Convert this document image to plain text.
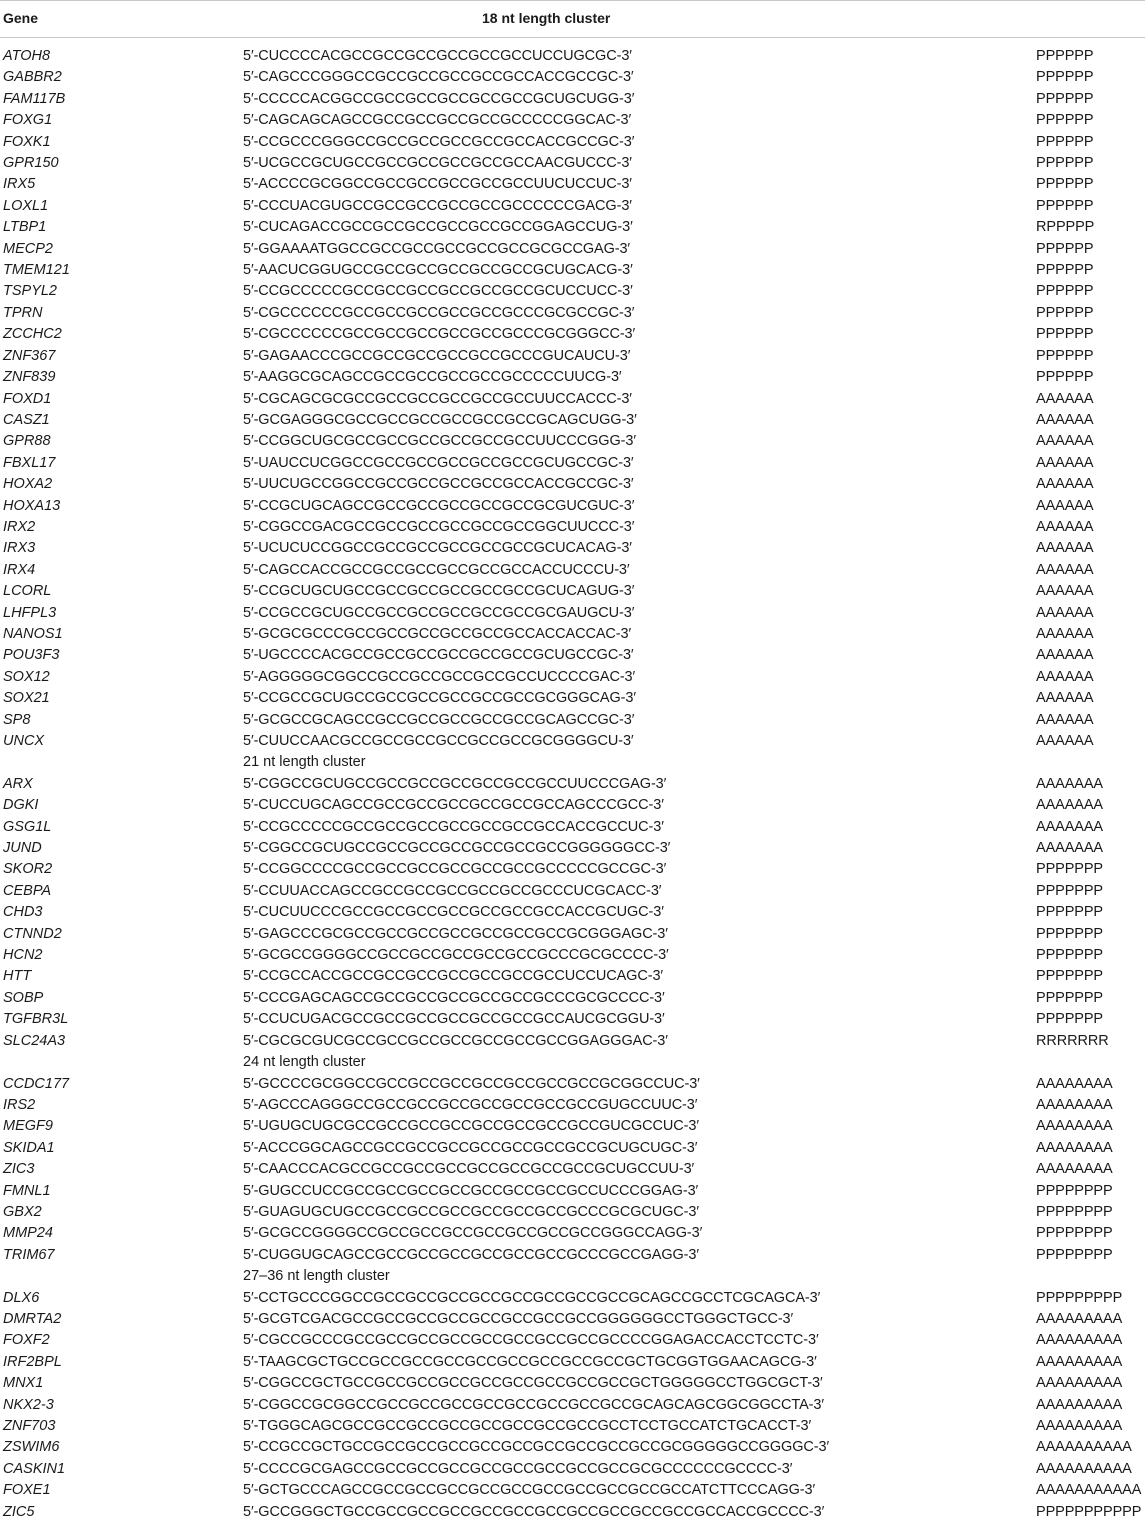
Gene	18 nt length cluster
ATOH8	5′-CUCCCCACGCCGCCGCCGCCGCCGCCUCCUGCGC-3′	PPPPPP
GABBR2	5′-CAGCCCGGGCCGCCGCCGCCGCCGCCACCGCCGC-3′	PPPPPP
FAM117B	5′-CCCCCACGGCCGCCGCCGCCGCCGCCGCUGCUGG-3′	PPPPPP
FOXG1	5′-CAGCAGCAGCCGCCGCCGCCGCCGCCCCCGGCAC-3′	PPPPPP
FOXK1	5′-CCGCCCGGGCCGCCGCCGCCGCCGCCACCGCCGC-3′	PPPPPP
GPR150	5′-UCGCCGCUGCCGCCGCCGCCGCCGCCAACGUCCC-3′	PPPPPP
IRX5	5′-ACCCCGCGGCCGCCGCCGCCGCCGCCUUCUCCUC-3′	PPPPPP
LOXL1	5′-CCCUACGUGCCGCCGCCGCCGCCGCCCCCCGACG-3′	PPPPPP
LTBP1	5′-CUCAGACCGCCGCCGCCGCCGCCGCCGGAGCCUG-3′	RPPPPP
MECP2	5′-GGAAAATGGCCGCCGCCGCCGCCGCCGCGCCGAG-3′	PPPPPP
TMEM121	5′-AACUCGGUGCCGCCGCCGCCGCCGCCGCUGCACG-3′	PPPPPP
TSPYL2	5′-CCGCCCCCGCCGCCGCCGCCGCCGCCGCUCCUCC-3′	PPPPPP
TPRN	5′-CGCCCCCCGCCGCCGCCGCCGCCGCCCGCGCCGC-3′	PPPPPP
ZCCHC2	5′-CGCCCCCCGCCGCCGCCGCCGCCGCCCGCGGGCC-3′	PPPPPP
ZNF367	5′-GAGAACCCGCCGCCGCCGCCGCCGCCCGUCAUCU-3′	PPPPPP
ZNF839	5′-AAGGCGCAGCCGCCGCCGCCGCCGCCCCCUUCG-3′	PPPPPP
FOXD1	5′-CGCAGCGCGCCGCCGCCGCCGCCGCCUUCCACCC-3′	AAAAAA
CASZ1	5′-GCGAGGGCGCCGCCGCCGCCGCCGCCGCAGCUGG-3′	AAAAAA
GPR88	5′-CCGGCUGCGCCGCCGCCGCCGCCGCCUUCCCGGG-3′	AAAAAA
FBXL17	5′-UAUCCUCGGCCGCCGCCGCCGCCGCCGCUGCCGC-3′	AAAAAA
HOXA2	5′-UUCUGCCGGCCGCCGCCGCCGCCGCCACCGCCGC-3′	AAAAAA
HOXA13	5′-CCGCUGCAGCCGCCGCCGCCGCCGCCGCGUCGUC-3′	AAAAAA
IRX2	5′-CGGCCGACGCCGCCGCCGCCGCCGCCGGCUUCCC-3′	AAAAAA
IRX3	5′-UCUCUCCGGCCGCCGCCGCCGCCGCCGCUCACAG-3′	AAAAAA
IRX4	5′-CAGCCACCGCCGCCGCCGCCGCCGCCACCUCCCU-3′	AAAAAA
LCORL	5′-CCGCUGCUGCCGCCGCCGCCGCCGCCGCUCAGUG-3′	AAAAAA
LHFPL3	5′-CCGCCGCUGCCGCCGCCGCCGCCGCCGCGAUGCU-3′	AAAAAA
NANOS1	5′-GCGCGCCCGCCGCCGCCGCCGCCGCCACCACCAC-3′	AAAAAA
POU3F3	5′-UGCCCCACGCCGCCGCCGCCGCCGCCGCUGCCGC-3′	AAAAAA
SOX12	5′-AGGGGGCGGCCGCCGCCGCCGCCGCCUCCCCGAC-3′	AAAAAA
SOX21	5′-CCGCCGCUGCCGCCGCCGCCGCCGCCGCGGGCAG-3′	AAAAAA
SP8	5′-GCGCCGCAGCCGCCGCCGCCGCCGCCGCAGCCGC-3′	AAAAAA
UNCX	5′-CUUCCAACGCCGCCGCCGCCGCCGCCGCGGGGCU-3′	AAAAAA
21 nt length cluster
ARX	5′-CGGCCGCUGCCGCCGCCGCCGCCGCCGCCUUCCCGAG-3′	AAAAAAA
DGKI	5′-CUCCUGCAGCCGCCGCCGCCGCCGCCGCCAGCCCGCC-3′	AAAAAAA
GSG1L	5′-CCGCCCCCGCCGCCGCCGCCGCCGCCGCCACCGCCUC-3′	AAAAAAA
JUND	5′-CGGCCGCUGCCGCCGCCGCCGCCGCCGCCGGGGGGCC-3′	AAAAAAA
SKOR2	5′-CCGGCCCCGCCGCCGCCGCCGCCGCCGCCCCCGCCGC-3′	PPPPPPP
CEBPA	5′-CCUUACCAGCCGCCGCCGCCGCCGCCGCCCUCGCACC-3′	PPPPPPP
CHD3	5′-CUCUUCCCGCCGCCGCCGCCGCCGCCGCCACCGCUGC-3′	PPPPPPP
CTNND2	5′-GAGCCCGCGCCGCCGCCGCCGCCGCCGCCGCGGGAGC-3′	PPPPPPP
HCN2	5′-GCGCCGGGGCCGCCGCCGCCGCCGCCGCCCGCGCCCC-3′	PPPPPPP
HTT	5′-CCGCCACCGCCGCCGCCGCCGCCGCCGCCUCCUCAGC-3′	PPPPPPP
SOBP	5′-CCCGAGCAGCCGCCGCCGCCGCCGCCGCCCGCGCCCC-3′	PPPPPPP
TGFBR3L	5′-CCUCUGACGCCGCCGCCGCCGCCGCCGCCAUCGCGGU-3′	PPPPPPP
SLC24A3	5′-CGCGCGUCGCCGCCGCCGCCGCCGCCGCCGGAGGGAC-3′	RRRRRRR
24 nt length cluster
CCDC177	5′-GCCCCGCGGCCGCCGCCGCCGCCGCCGCCGCCGCGGCCUC-3′	AAAAAAAA
IRS2	5′-AGCCCAGGGCCGCCGCCGCCGCCGCCGCCGCCGUGCCUUC-3′	AAAAAAAA
MEGF9	5′-UGUGCUGCGCCGCCGCCGCCGCCGCCGCCGCCGUCGCCUC-3′	AAAAAAAA
SKIDA1	5′-ACCCGGCAGCCGCCGCCGCCGCCGCCGCCGCCGCUGCUGC-3′	AAAAAAAA
ZIC3	5′-CAACCCACGCCGCCGCCGCCGCCGCCGCCGCCGCUGCCUU-3′	AAAAAAAA
FMNL1	5′-GUGCCUCCGCCGCCGCCGCCGCCGCCGCCGCCUCCCGGAG-3′	PPPPPPPP
GBX2	5′-GUAGUGCUGCCGCCGCCGCCGCCGCCGCCGCCCGCGCUGC-3′	PPPPPPPP
MMP24	5′-GCGCCGGGGCCGCCGCCGCCGCCGCCGCCGCCGGGCCAGG-3′	PPPPPPPP
TRIM67	5′-CUGGUGCAGCCGCCGCCGCCGCCGCCGCCGCCCGCCGAGG-3′	PPPPPPPP
27–36 nt length cluster
DLX6	5′-CCTGCCCGGCCGCCGCCGCCGCCGCCGCCGCCGCCGCAGCCGCCTCGCAGCA-3′	PPPPPPPPP
DMRTA2	5′-GCGTCGACGCCGCCGCCGCCGCCGCCGCCGCCGGGGGGCCTGGGCTGCC-3′	AAAAAAAAA
FOXF2	5′-CGCCGCCCGCCGCCGCCGCCGCCGCCGCCGCCGCCCCGGAGACCACCTCCTC-3′	AAAAAAAAA
IRF2BPL	5′-TAAGCGCTGCCGCCGCCGCCGCCGCCGCCGCCGCCGCTGCGGTGGAACAGCG-3′	AAAAAAAAA
MNX1	5′-CGGCCGCTGCCGCCGCCGCCGCCGCCGCCGCCGCCGCTGGGGGCCTGGCGCT-3′	AAAAAAAAA
NKX2-3	5′-CGGCCGCGGCCGCCGCCGCCGCCGCCGCCGCCGCCGCAGCAGCGGCGGCCTA-3′	AAAAAAAAA
ZNF703	5′-TGGGCAGCGCCGCCGCCGCCGCCGCCGCCGCCGCCTCCTGCCATCTGCACCT-3′	AAAAAAAAA
ZSWIM6	5′-CCGCCGCTGCCGCCGCCGCCGCCGCCGCCGCCGCCGCCGCGGGGGCCGGGGC-3′	AAAAAAAAAA
CASKIN1	5′-CCCCGCGAGCCGCCGCCGCCGCCGCCGCCGCCGCCGCGCCCCCCGCCCC-3′	AAAAAAAAAA
FOXE1	5′-GCTGCCCAGCCGCCGCCGCCGCCGCCGCCGCCGCCGCCGCCATCTTCCCAGG-3′	AAAAAAAAAAA
ZIC5	5′-GCCGGGCTGCCGCCGCCGCCGCCGCCGCCGCCGCCGCCGCCGCCACCGCCCC-3′	PPPPPPPPPPP
